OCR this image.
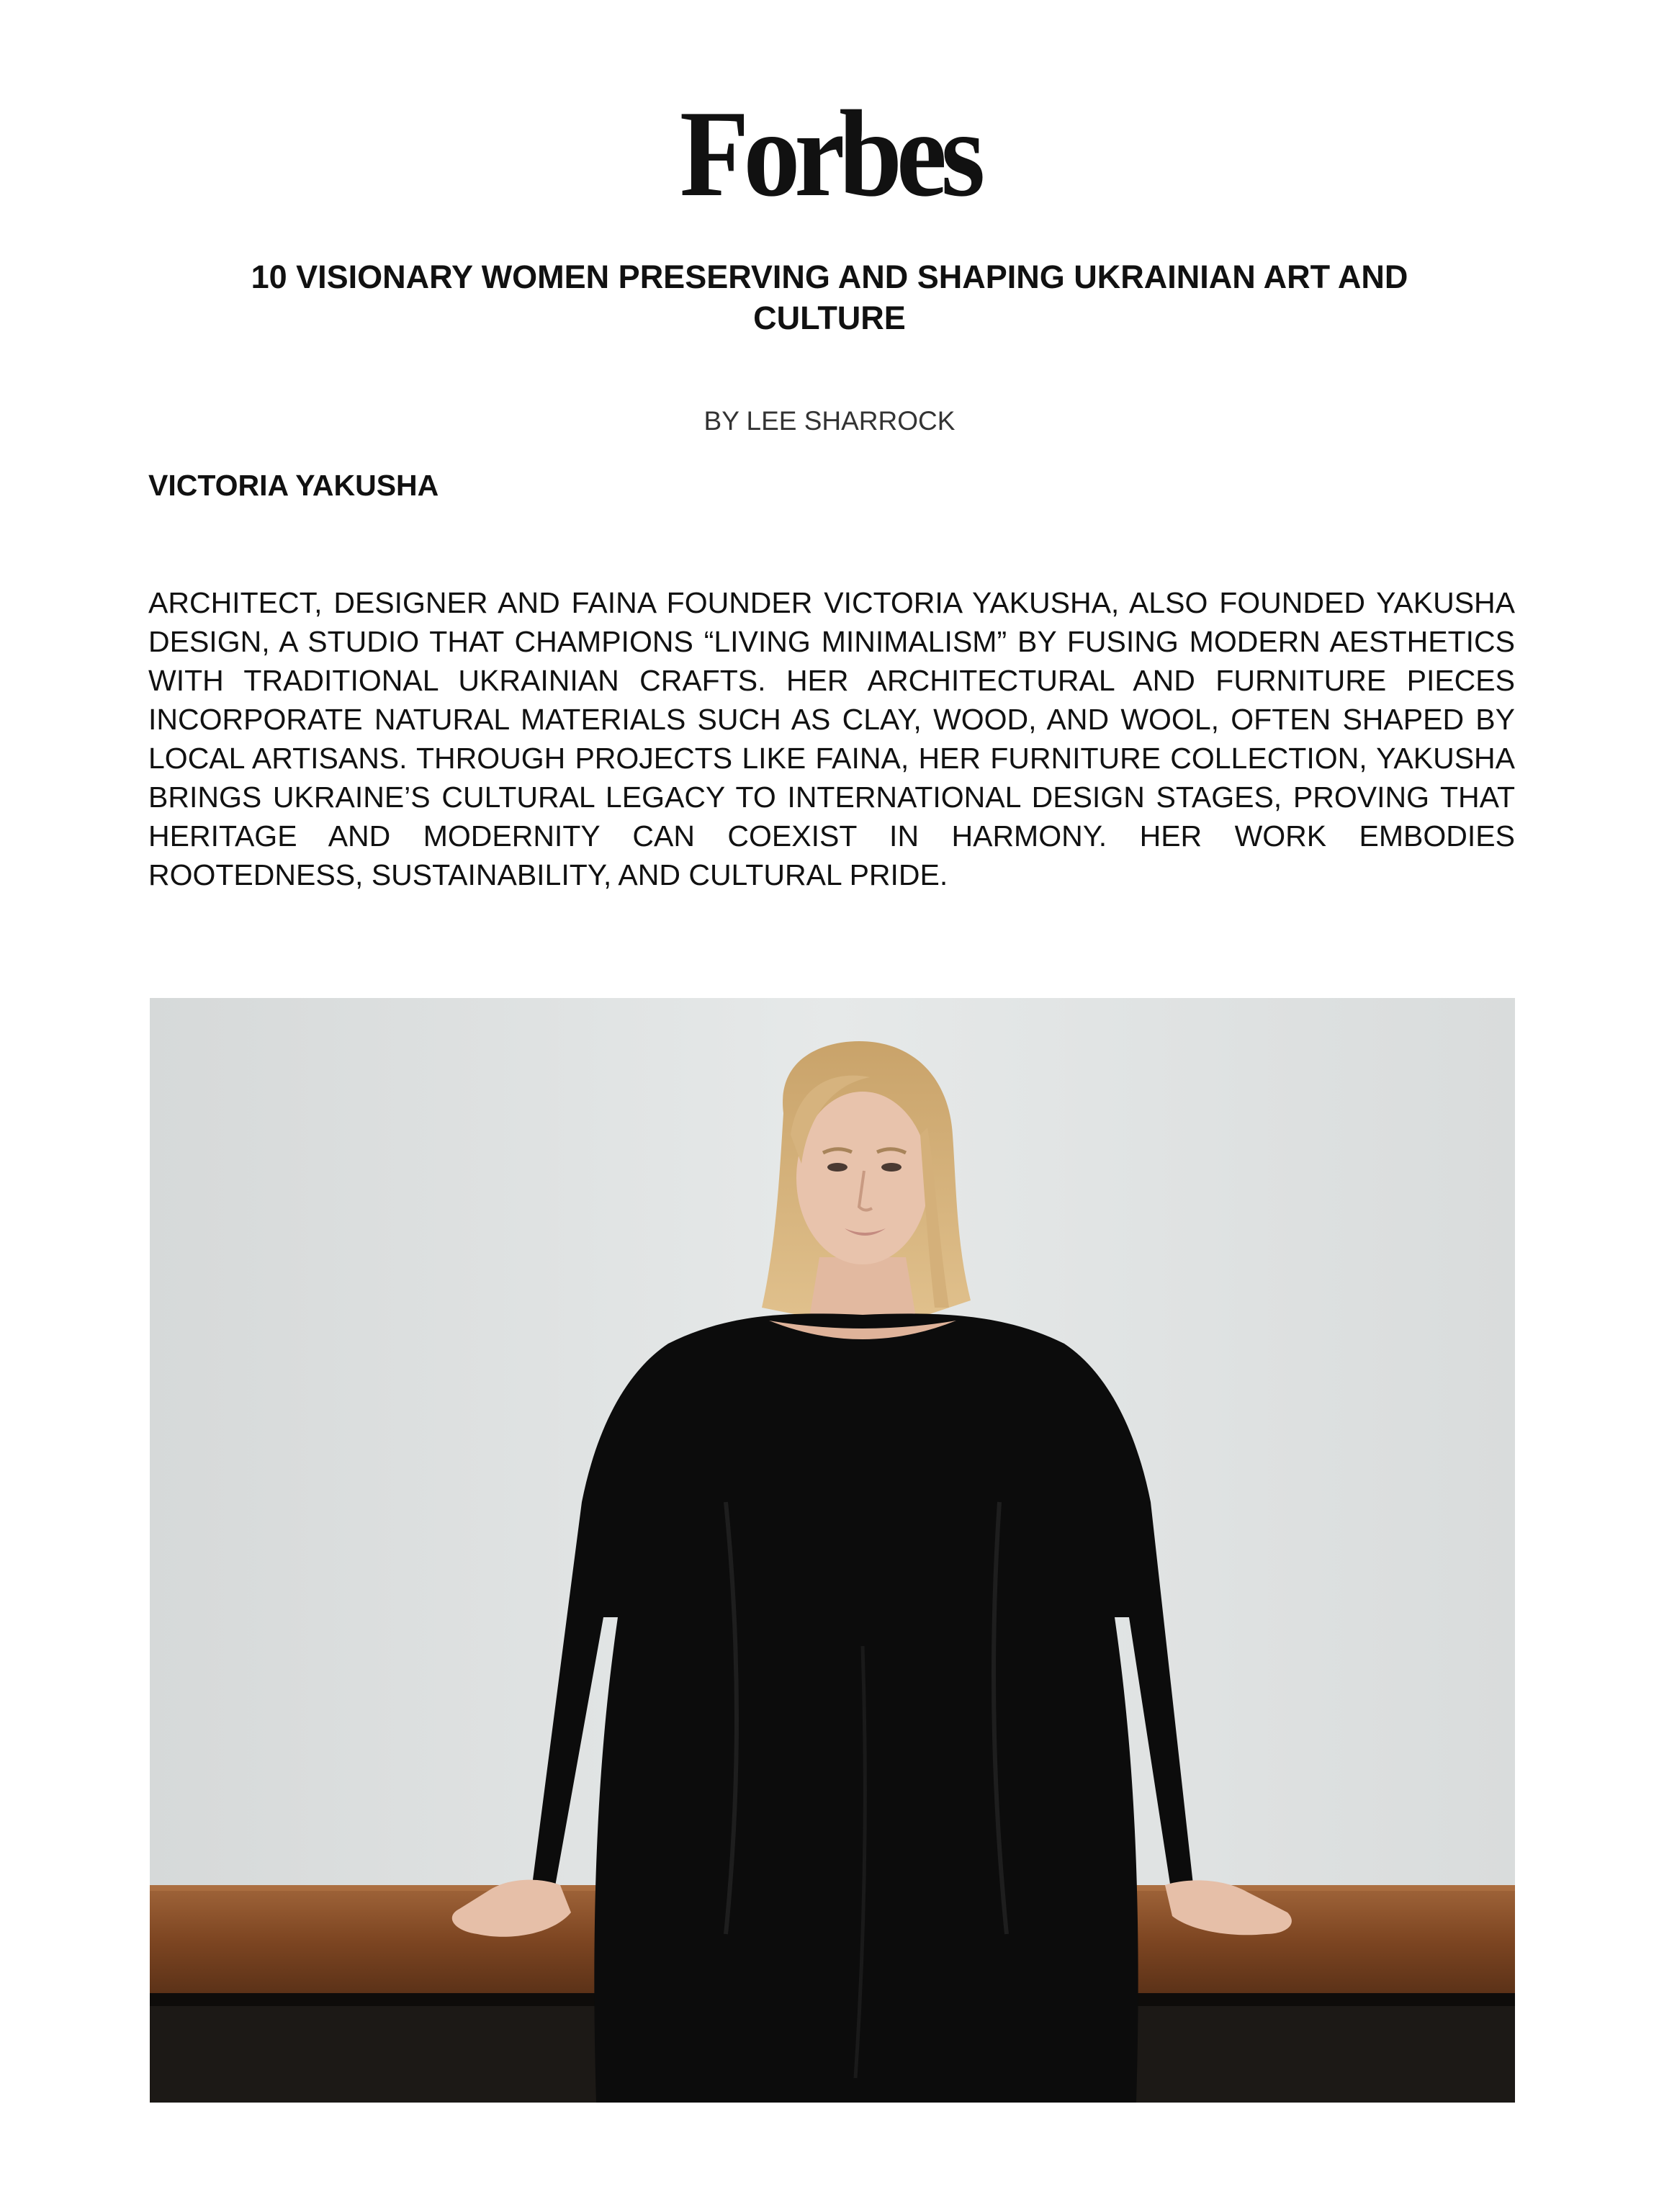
Forbes
10 VISIONARY WOMEN PRESERVING AND SHAPING UKRAINIAN ART AND CULTURE
BY LEE SHARROCK
VICTORIA YAKUSHA

ARCHITECT, DESIGNER AND FAINA FOUNDER VICTORIA YAKUSHA, ALSO FOUNDED YAKUSHA DESIGN, A STUDIO THAT CHAMPIONS “LIVING MINIMALISM” BY FUSING MODERN AESTHETICS WITH TRADITIONAL UKRAINIAN CRAFTS. HER ARCHITECTURAL AND FURNITURE PIECES INCORPORATE NATURAL MATERIALS SUCH AS CLAY, WOOD, AND WOOL, OFTEN SHAPED BY LOCAL ARTISANS. THROUGH PROJECTS LIKE FAINA, HER FURNITURE COLLECTION, YAKUSHA BRINGS UKRAINE’S CULTURAL LEGACY TO INTERNATIONAL DESIGN STAGES, PROVING THAT HERITAGE AND MODERNITY CAN COEXIST IN HARMONY. HER WORK EMBODIES ROOTEDNESS, SUSTAINABILITY, AND CULTURAL PRIDE.
